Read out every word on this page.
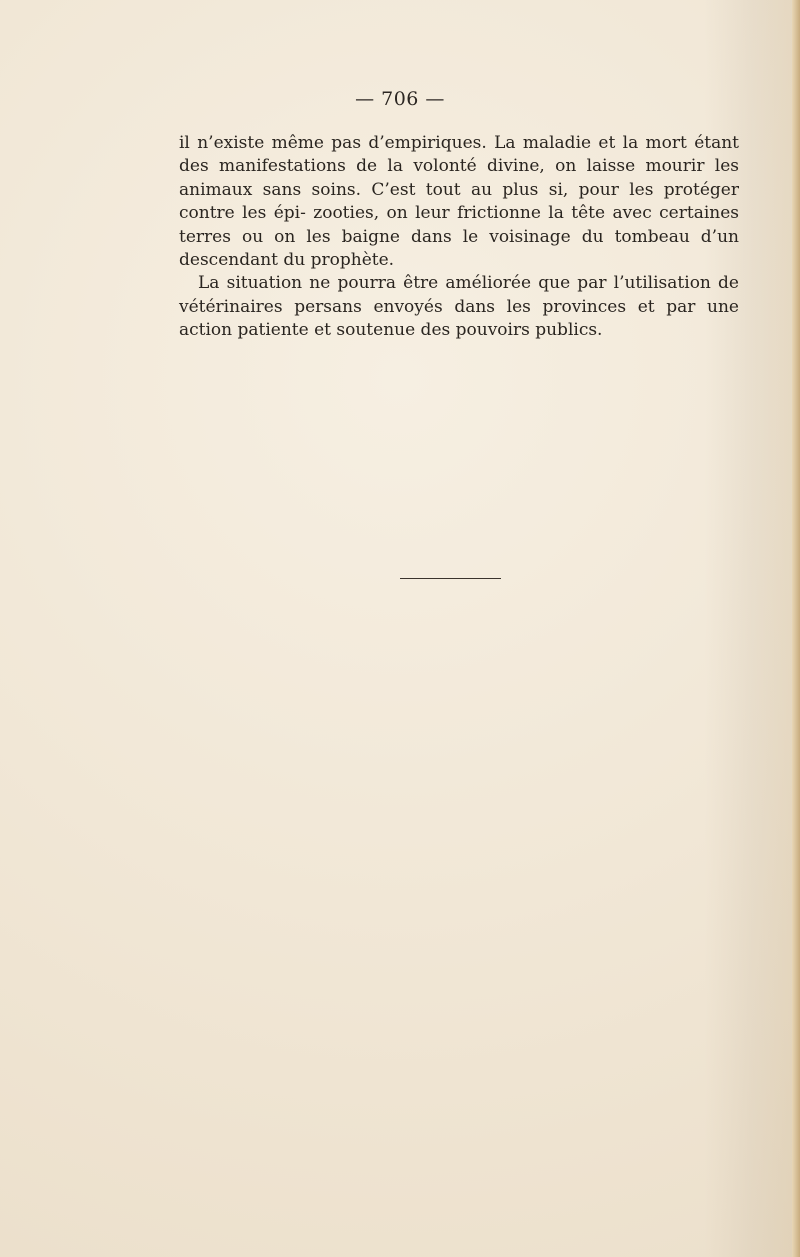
— 706 —

il n’existe même pas d’empiriques. La maladie et la mort étant des manifestations de la volonté divine, on laisse mourir les animaux sans soins. C’est tout au plus si, pour les protéger contre les épi- zooties, on leur frictionne la tête avec certaines terres ou on les baigne dans le voisinage du tombeau d’un descendant du prophète.

La situation ne pourra être améliorée que par l’utilisation de vétérinaires persans envoyés dans les provinces et par une action patiente et soutenue des pouvoirs publics.
